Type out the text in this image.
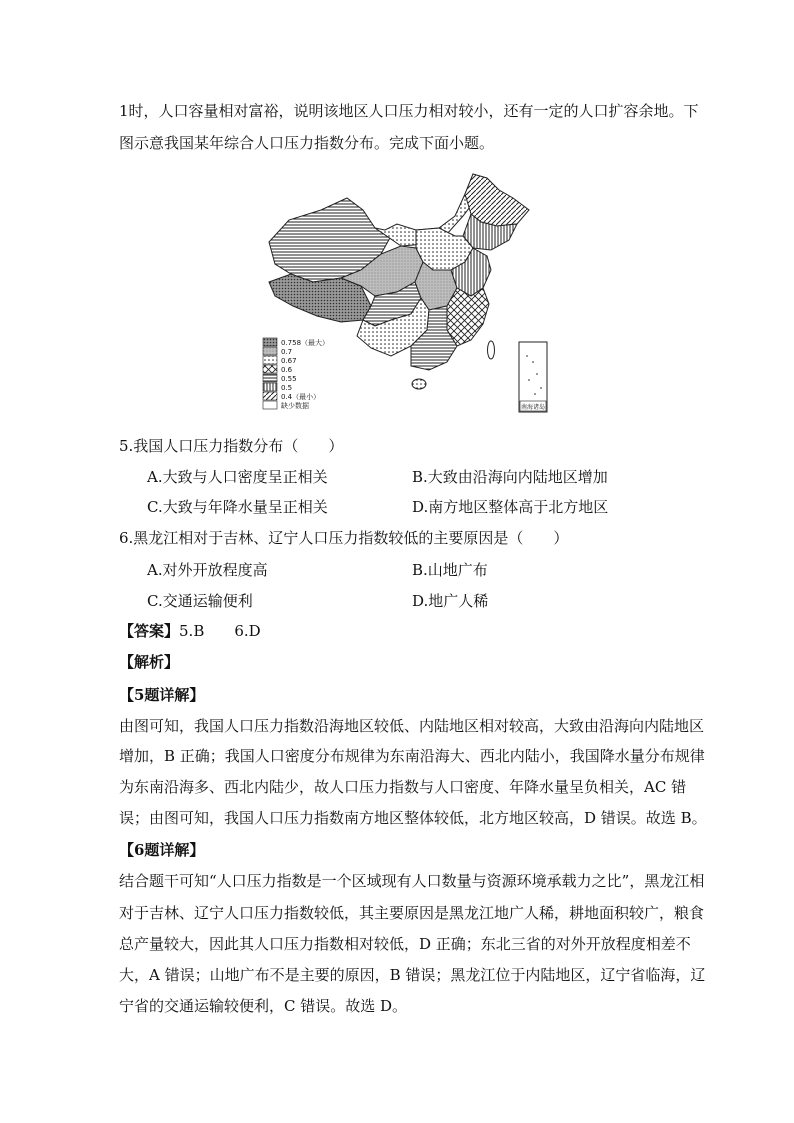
1时，人口容量相对富裕，说明该地区人口压力相对较小，还有一定的人口扩容余地。下
图示意我国某年综合人口压力指数分布。完成下面小题。
南海诸岛
0.758（最大）
0.7
0.67
0.6
0.55
0.5
0.4（最小）
缺少数据
5.我国人口压力指数分布（　　）
A.大致与人口密度呈正相关	B.大致由沿海向内陆地区增加
C.大致与年降水量呈正相关	D.南方地区整体高于北方地区
6.黑龙江相对于吉林、辽宁人口压力指数较低的主要原因是（　　）
A.对外开放程度高	B.山地广布
C.交通运输便利	D.地广人稀
【答案】5.B　　6.D
【解析】
【5题详解】
由图可知，我国人口压力指数沿海地区较低、内陆地区相对较高，大致由沿海向内陆地区
增加，B 正确；我国人口密度分布规律为东南沿海大、西北内陆小，我国降水量分布规律
为东南沿海多、西北内陆少，故人口压力指数与人口密度、年降水量呈负相关，AC 错
误；由图可知，我国人口压力指数南方地区整体较低，北方地区较高，D 错误。故选 B。
【6题详解】
结合题干可知“人口压力指数是一个区域现有人口数量与资源环境承载力之比”，黑龙江相
对于吉林、辽宁人口压力指数较低，其主要原因是黑龙江地广人稀，耕地面积较广，粮食
总产量较大，因此其人口压力指数相对较低，D 正确；东北三省的对外开放程度相差不
大，A 错误；山地广布不是主要的原因，B 错误；黑龙江位于内陆地区，辽宁省临海，辽
宁省的交通运输较便利，C 错误。故选 D。
